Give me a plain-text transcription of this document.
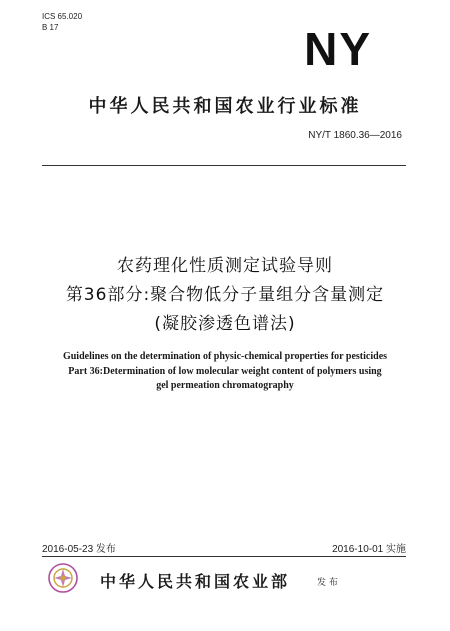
ICS 65.020
B 17	NY
中华人民共和国农业行业标准
NY/T 1860.36—2016
农药理化性质测定试验导则
第36部分:聚合物低分子量组分含量测定
(凝胶渗透色谱法)
Guidelines on the determination of physic-chemical properties for pesticides
Part 36:Determination of low molecular weight content of polymers using
gel permeation chromatography
2016-05-23 发布	2016-10-01 实施
中华人民共和国农业部	发 布
